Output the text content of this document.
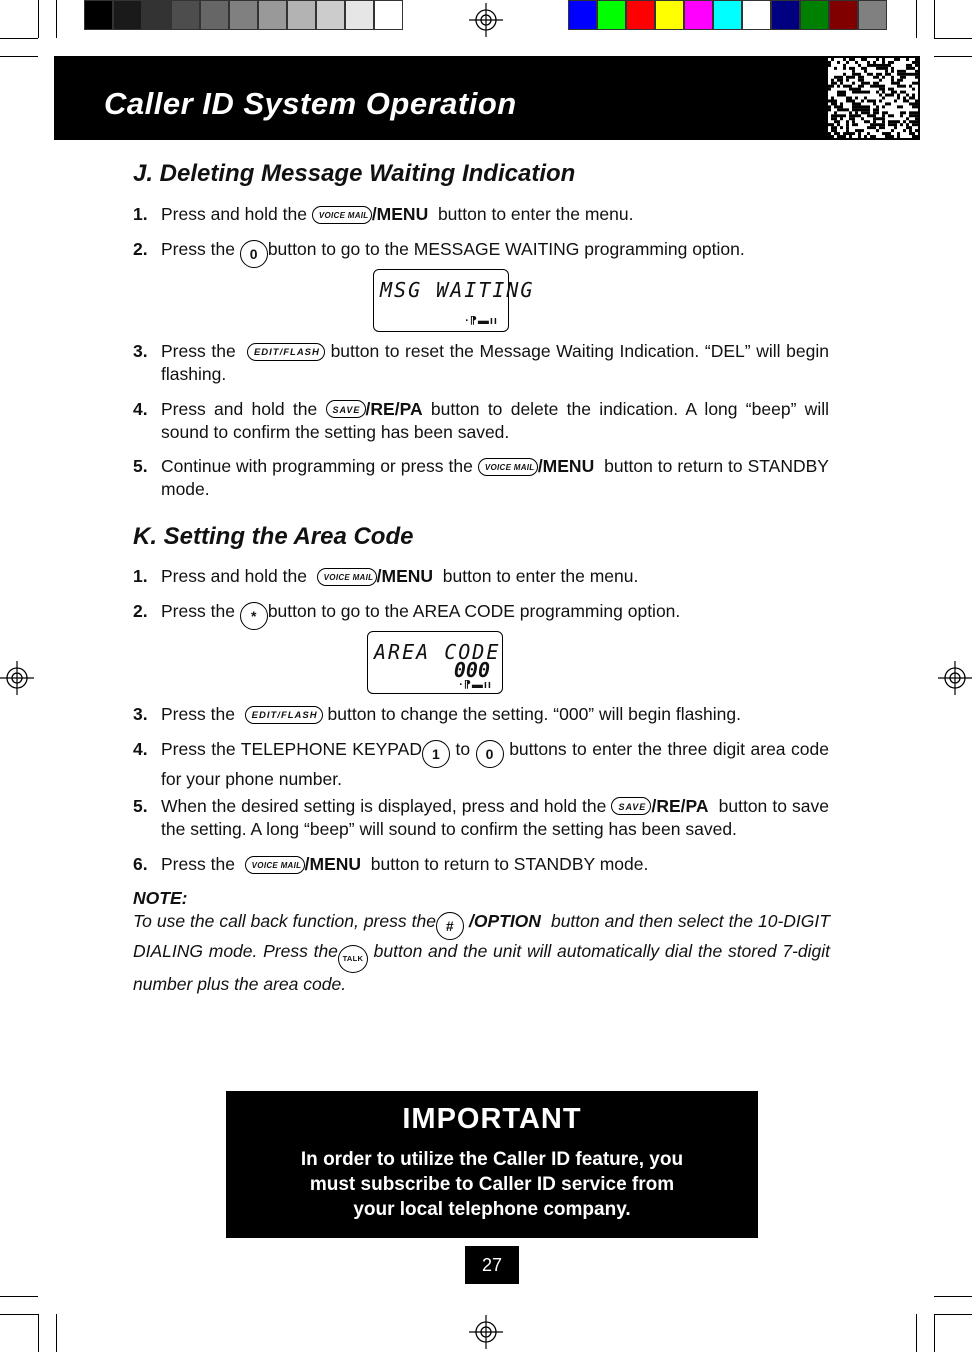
Caller ID System Operation
J. Deleting Message Waiting Indication
1. Press and hold the VOICE MAIL /MENU button to enter the menu.
2. Press the 0 button to go to the MESSAGE WAITING programming option.
MSG WAITING
·⁋▬ıı
3. Press the EDIT/FLASH button to reset the Message Waiting Indication. “DEL” will begin flashing.
4. Press and hold the SAVE /RE/PA button to delete the indication. A long “beep” will sound to confirm the setting has been saved.
5. Continue with programming or press the VOICE MAIL /MENU button to return to STANDBY mode.
K. Setting the Area Code
1. Press and hold the VOICE MAIL /MENU button to enter the menu.
2. Press the * button to go to the AREA CODE programming option.
AREA CODE
000
·⁋▬ıı
3. Press the EDIT/FLASH button to change the setting. “000” will begin flashing.
4. Press the TELEPHONE KEYPAD 1 to 0 buttons to enter the three digit area code for your phone number.
5. When the desired setting is displayed, press and hold the SAVE /RE/PA button to save the setting. A long “beep” will sound to confirm the setting has been saved.
6. Press the VOICE MAIL /MENU button to return to STANDBY mode.
NOTE:
To use the call back function, press the # /OPTION button and then select the 10-DIGIT DIALING mode. Press the TALK button and the unit will automatically dial the stored 7-digit number plus the area code.
IMPORTANT
In order to utilize the Caller ID feature, you
must subscribe to Caller ID service from
your local telephone company.
27
